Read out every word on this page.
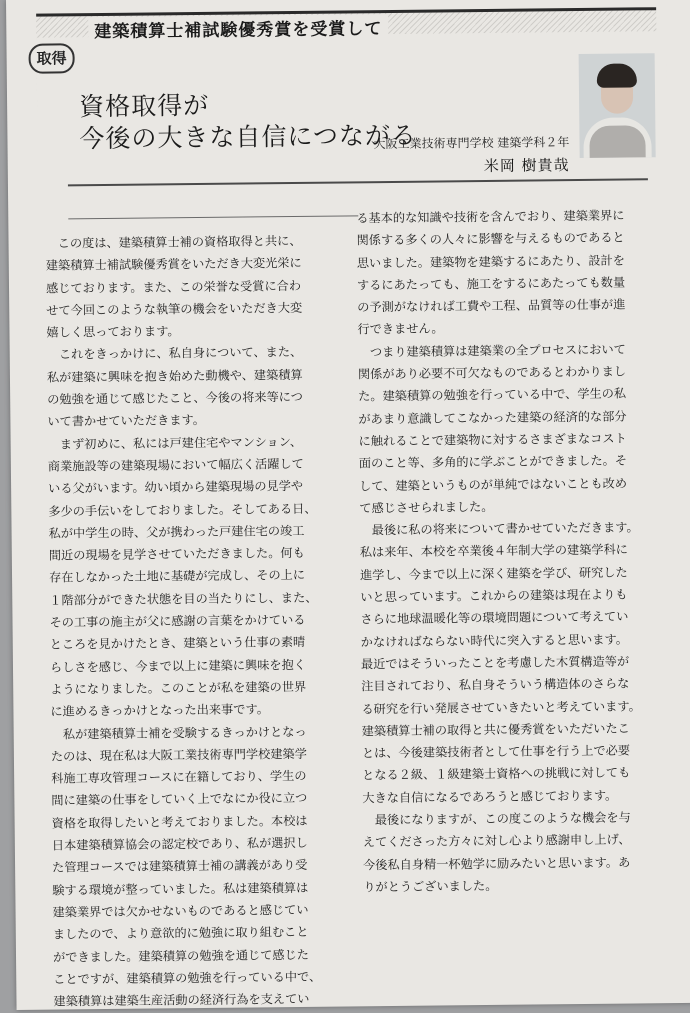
取得
建築積算士補試験優秀賞を受賞して
資格取得が
今後の大きな自信につながる
大阪工業技術専門学校 建築学科２年
米岡 樹貴哉

　この度は、建築積算士補の資格取得と共に、
建築積算士補試験優秀賞をいただき大変光栄に
感じております。また、この栄誉な受賞に合わ
せて今回このような執筆の機会をいただき大変
嬉しく思っております。

　これをきっかけに、私自身について、また、
私が建築に興味を抱き始めた動機や、建築積算
の勉強を通じて感じたこと、今後の将来等につ
いて書かせていただきます。

　まず初めに、私には戸建住宅やマンション、
商業施設等の建築現場において幅広く活躍して
いる父がいます。幼い頃から建築現場の見学や
多少の手伝いをしておりました。そしてある日、
私が中学生の時、父が携わった戸建住宅の竣工
間近の現場を見学させていただきました。何も
存在しなかった土地に基礎が完成し、その上に
１階部分ができた状態を目の当たりにし、また、
その工事の施主が父に感謝の言葉をかけている
ところを見かけたとき、建築という仕事の素晴
らしさを感じ、今まで以上に建築に興味を抱く
ようになりました。このことが私を建築の世界
に進めるきっかけとなった出来事です。

　私が建築積算士補を受験するきっかけとなっ
たのは、現在私は大阪工業技術専門学校建築学
科施工専攻管理コースに在籍しており、学生の
間に建築の仕事をしていく上でなにか役に立つ
資格を取得したいと考えておりました。本校は
日本建築積算協会の認定校であり、私が選択し
た管理コースでは建築積算士補の講義があり受
験する環境が整っていました。私は建築積算は
建築業界では欠かせないものであると感じてい
ましたので、より意欲的に勉強に取り組むこと
ができました。建築積算の勉強を通じて感じた
ことですが、建築積算の勉強を行っている中で、
建築積算は建築生産活動の経済行為を支えてい

る基本的な知識や技術を含んでおり、建築業界に
関係する多くの人々に影響を与えるものであると
思いました。建築物を建築するにあたり、設計を
するにあたっても、施工をするにあたっても数量
の予測がなければ工費や工程、品質等の仕事が進
行できません。

　つまり建築積算は建築業の全プロセスにおいて
関係があり必要不可欠なものであるとわかりまし
た。建築積算の勉強を行っている中で、学生の私
があまり意識してこなかった建築の経済的な部分
に触れることで建築物に対するさまざまなコスト
面のこと等、多角的に学ぶことができました。そ
して、建築というものが単純ではないことも改め
て感じさせられました。

　最後に私の将来について書かせていただきます。
私は来年、本校を卒業後４年制大学の建築学科に
進学し、今まで以上に深く建築を学び、研究した
いと思っています。これからの建築は現在よりも
さらに地球温暖化等の環境問題について考えてい
かなければならない時代に突入すると思います。
最近ではそういったことを考慮した木質構造等が
注目されており、私自身そういう構造体のさらな
る研究を行い発展させていきたいと考えています。
建築積算士補の取得と共に優秀賞をいただいたこ
とは、今後建築技術者として仕事を行う上で必要
となる２級、１級建築士資格への挑戦に対しても
大きな自信になるであろうと感じております。

　最後になりますが、この度このような機会を与
えてくださった方々に対し心より感謝申し上げ、
今後私自身精一杯勉学に励みたいと思います。あ
りがとうございました。
